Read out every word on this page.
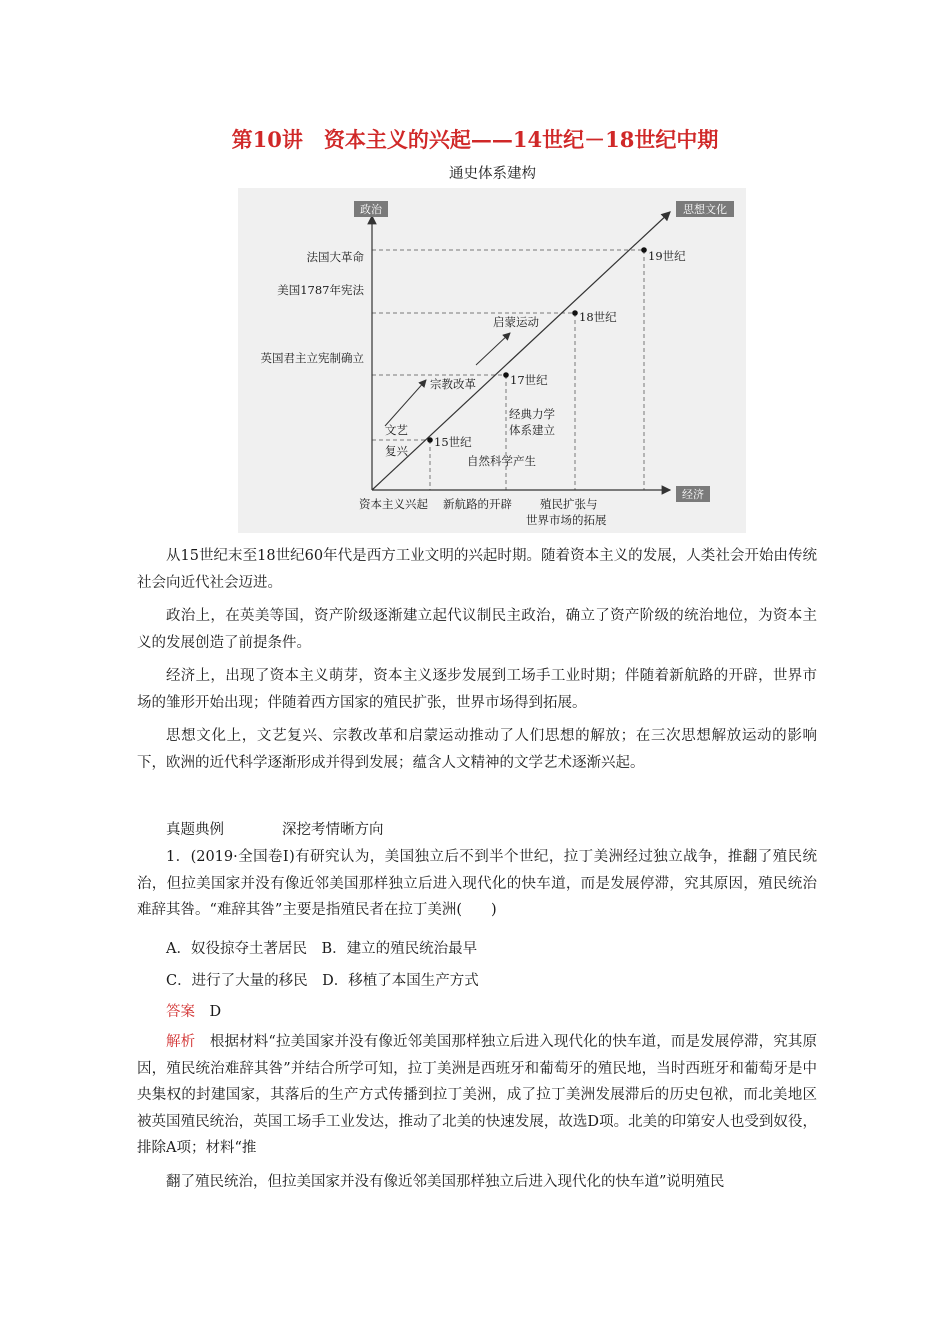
第10讲　资本主义的兴起——14世纪－18世纪中期
通史体系建构
政治	思想文化
经济
法国大革命
美国1787年宪法
英国君主立宪制确立
15世纪
17世纪
18世纪
19世纪
文艺
复兴
宗教改革
启蒙运动
经典力学
体系建立
自然科学产生
资本主义兴起 新航路的开辟 殖民扩张与
世界市场的拓展

从15世纪末至18世纪60年代是西方工业文明的兴起时期。随着资本主义的发展，人类社会开始由传统社会向近代社会迈进。

政治上，在英美等国，资产阶级逐渐建立起代议制民主政治，确立了资产阶级的统治地位，为资本主义的发展创造了前提条件。

经济上，出现了资本主义萌芽，资本主义逐步发展到工场手工业时期；伴随着新航路的开辟，世界市场的雏形开始出现；伴随着西方国家的殖民扩张，世界市场得到拓展。

思想文化上，文艺复兴、宗教改革和启蒙运动推动了人们思想的解放；在三次思想解放运动的影响下，欧洲的近代科学逐渐形成并得到发展；蕴含人文精神的文学艺术逐渐兴起。

真题典例	深挖考情晰方向

1．(2019·全国卷Ⅰ)有研究认为，美国独立后不到半个世纪，拉丁美洲经过独立战争，推翻了殖民统治，但拉美国家并没有像近邻美国那样独立后进入现代化的快车道，而是发展停滞，究其原因，殖民统治难辞其咎。“难辞其咎”主要是指殖民者在拉丁美洲(　　)

A．奴役掠夺土著居民　B．建立的殖民统治最早
C．进行了大量的移民　D．移植了本国生产方式
答案　 D

解析　 根据材料“拉美国家并没有像近邻美国那样独立后进入现代化的快车道，而是发展停滞，究其原因，殖民统治难辞其咎”并结合所学可知，拉丁美洲是西班牙和葡萄牙的殖民地，当时西班牙和葡萄牙是中央集权的封建国家，其落后的生产方式传播到拉丁美洲，成了拉丁美洲发展滞后的历史包袱，而北美地区被英国殖民统治，英国工场手工业发达，推动了北美的快速发展，故选D项。北美的印第安人也受到奴役，排除A项；材料“推

翻了殖民统治，但拉美国家并没有像近邻美国那样独立后进入现代化的快车道”说明殖民
